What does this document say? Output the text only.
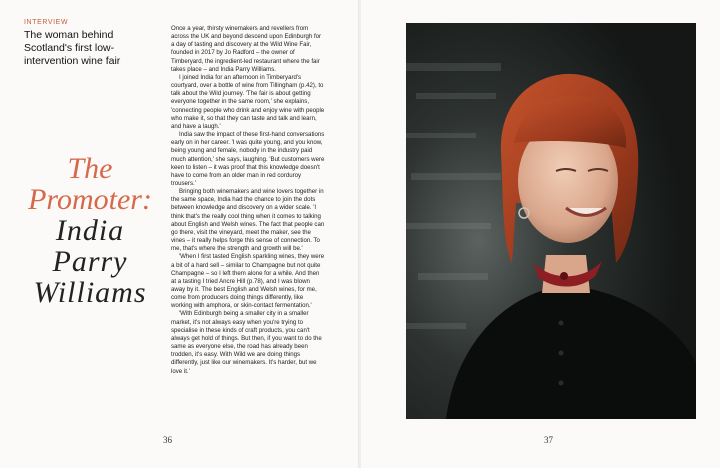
INTERVIEW
The woman behind Scotland's first low-intervention wine fair
The
Promoter:
India
Parry
Williams

Once a year, thirsty winemakers and revellers from across the UK and beyond descend upon Edinburgh for a day of tasting and discovery at the Wild Wine Fair, founded in 2017 by Jo Radford – the owner of Timberyard, the ingredient-led restaurant where the fair takes place – and India Parry Williams.

I joined India for an afternoon in Timberyard's courtyard, over a bottle of wine from Tillingham (p.42), to talk about the Wild journey. 'The fair is about getting everyone together in the same room,' she explains, 'connecting people who drink and enjoy wine with people who make it, so that they can taste and talk and learn, and have a laugh.'

India saw the impact of these first-hand conversations early on in her career. 'I was quite young, and you know, being young and female, nobody in the industry paid much attention,' she says, laughing. 'But customers were keen to listen – it was proof that this knowledge doesn't have to come from an older man in red corduroy trousers.'

Bringing both winemakers and wine lovers together in the same space, India had the chance to join the dots between knowledge and discovery on a wider scale. 'I think that's the really cool thing when it comes to talking about English and Welsh wines. The fact that people can go there, visit the vineyard, meet the maker, see the vines – it really helps forge this sense of connection. To me, that's where the strength and growth will be.'

'When I first tasted English sparkling wines, they were a bit of a hard sell – similar to Champagne but not quite Champagne – so I left them alone for a while. And then at a tasting I tried Ancre Hill (p.78), and I was blown away by it. The best English and Welsh wines, for me, come from producers doing things differently, like working with amphora, or skin-contact fermentation.'

'With Edinburgh being a smaller city in a smaller market, it's not always easy when you're trying to specialise in these kinds of craft products, you can't always get hold of things. But then, if you want to do the same as everyone else, the road has already been trodden, it's easy. With Wild we are doing things differently, just like our winemakers. It's harder, but we love it.'

36	37
